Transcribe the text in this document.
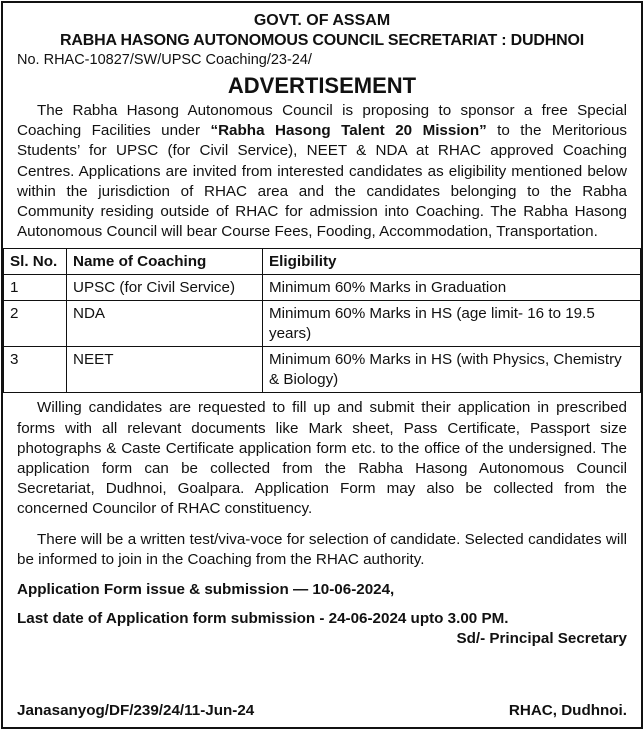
GOVT. OF ASSAM
RABHA HASONG AUTONOMOUS COUNCIL SECRETARIAT : DUDHNOI
No. RHAC-10827/SW/UPSC Coaching/23-24/
ADVERTISEMENT

The Rabha Hasong Autonomous Council is proposing to sponsor a free Special Coaching Facilities under “Rabha Hasong Talent 20 Mission” to the Meritorious Students’ for UPSC (for Civil Service), NEET & NDA at RHAC approved Coaching Centres. Applications are invited from interested candidates as eligibility mentioned below within the jurisdiction of RHAC area and the candidates belonging to the Rabha Community residing outside of RHAC for admission into Coaching. The Rabha Hasong Autonomous Council will bear Course Fees, Fooding, Accommodation, Transportation.

Sl. No.	Name of Coaching	Eligibility
1	UPSC (for Civil Service)	Minimum 60% Marks in Graduation
2	NDA	Minimum 60% Marks in HS (age limit- 16 to 19.5 years)
3	NEET	Minimum 60% Marks in HS (with Physics, Chemistry & Biology)

Willing candidates are requested to fill up and submit their application in prescribed forms with all relevant documents like Mark sheet, Pass Certificate, Passport size photographs & Caste Certificate application form etc. to the office of the undersigned. The application form can be collected from the Rabha Hasong Autonomous Council Secretariat, Dudhnoi, Goalpara. Application Form may also be collected from the concerned Councilor of RHAC constituency.

There will be a written test/viva-voce for selection of candidate. Selected candidates will be informed to join in the Coaching from the RHAC authority.

Application Form issue & submission — 10-06-2024,
Last date of Application form submission - 24-06-2024 upto 3.00 PM.
Sd/- Principal Secretary
Janasanyog/DF/239/24/11-Jun-24	RHAC, Dudhnoi.
